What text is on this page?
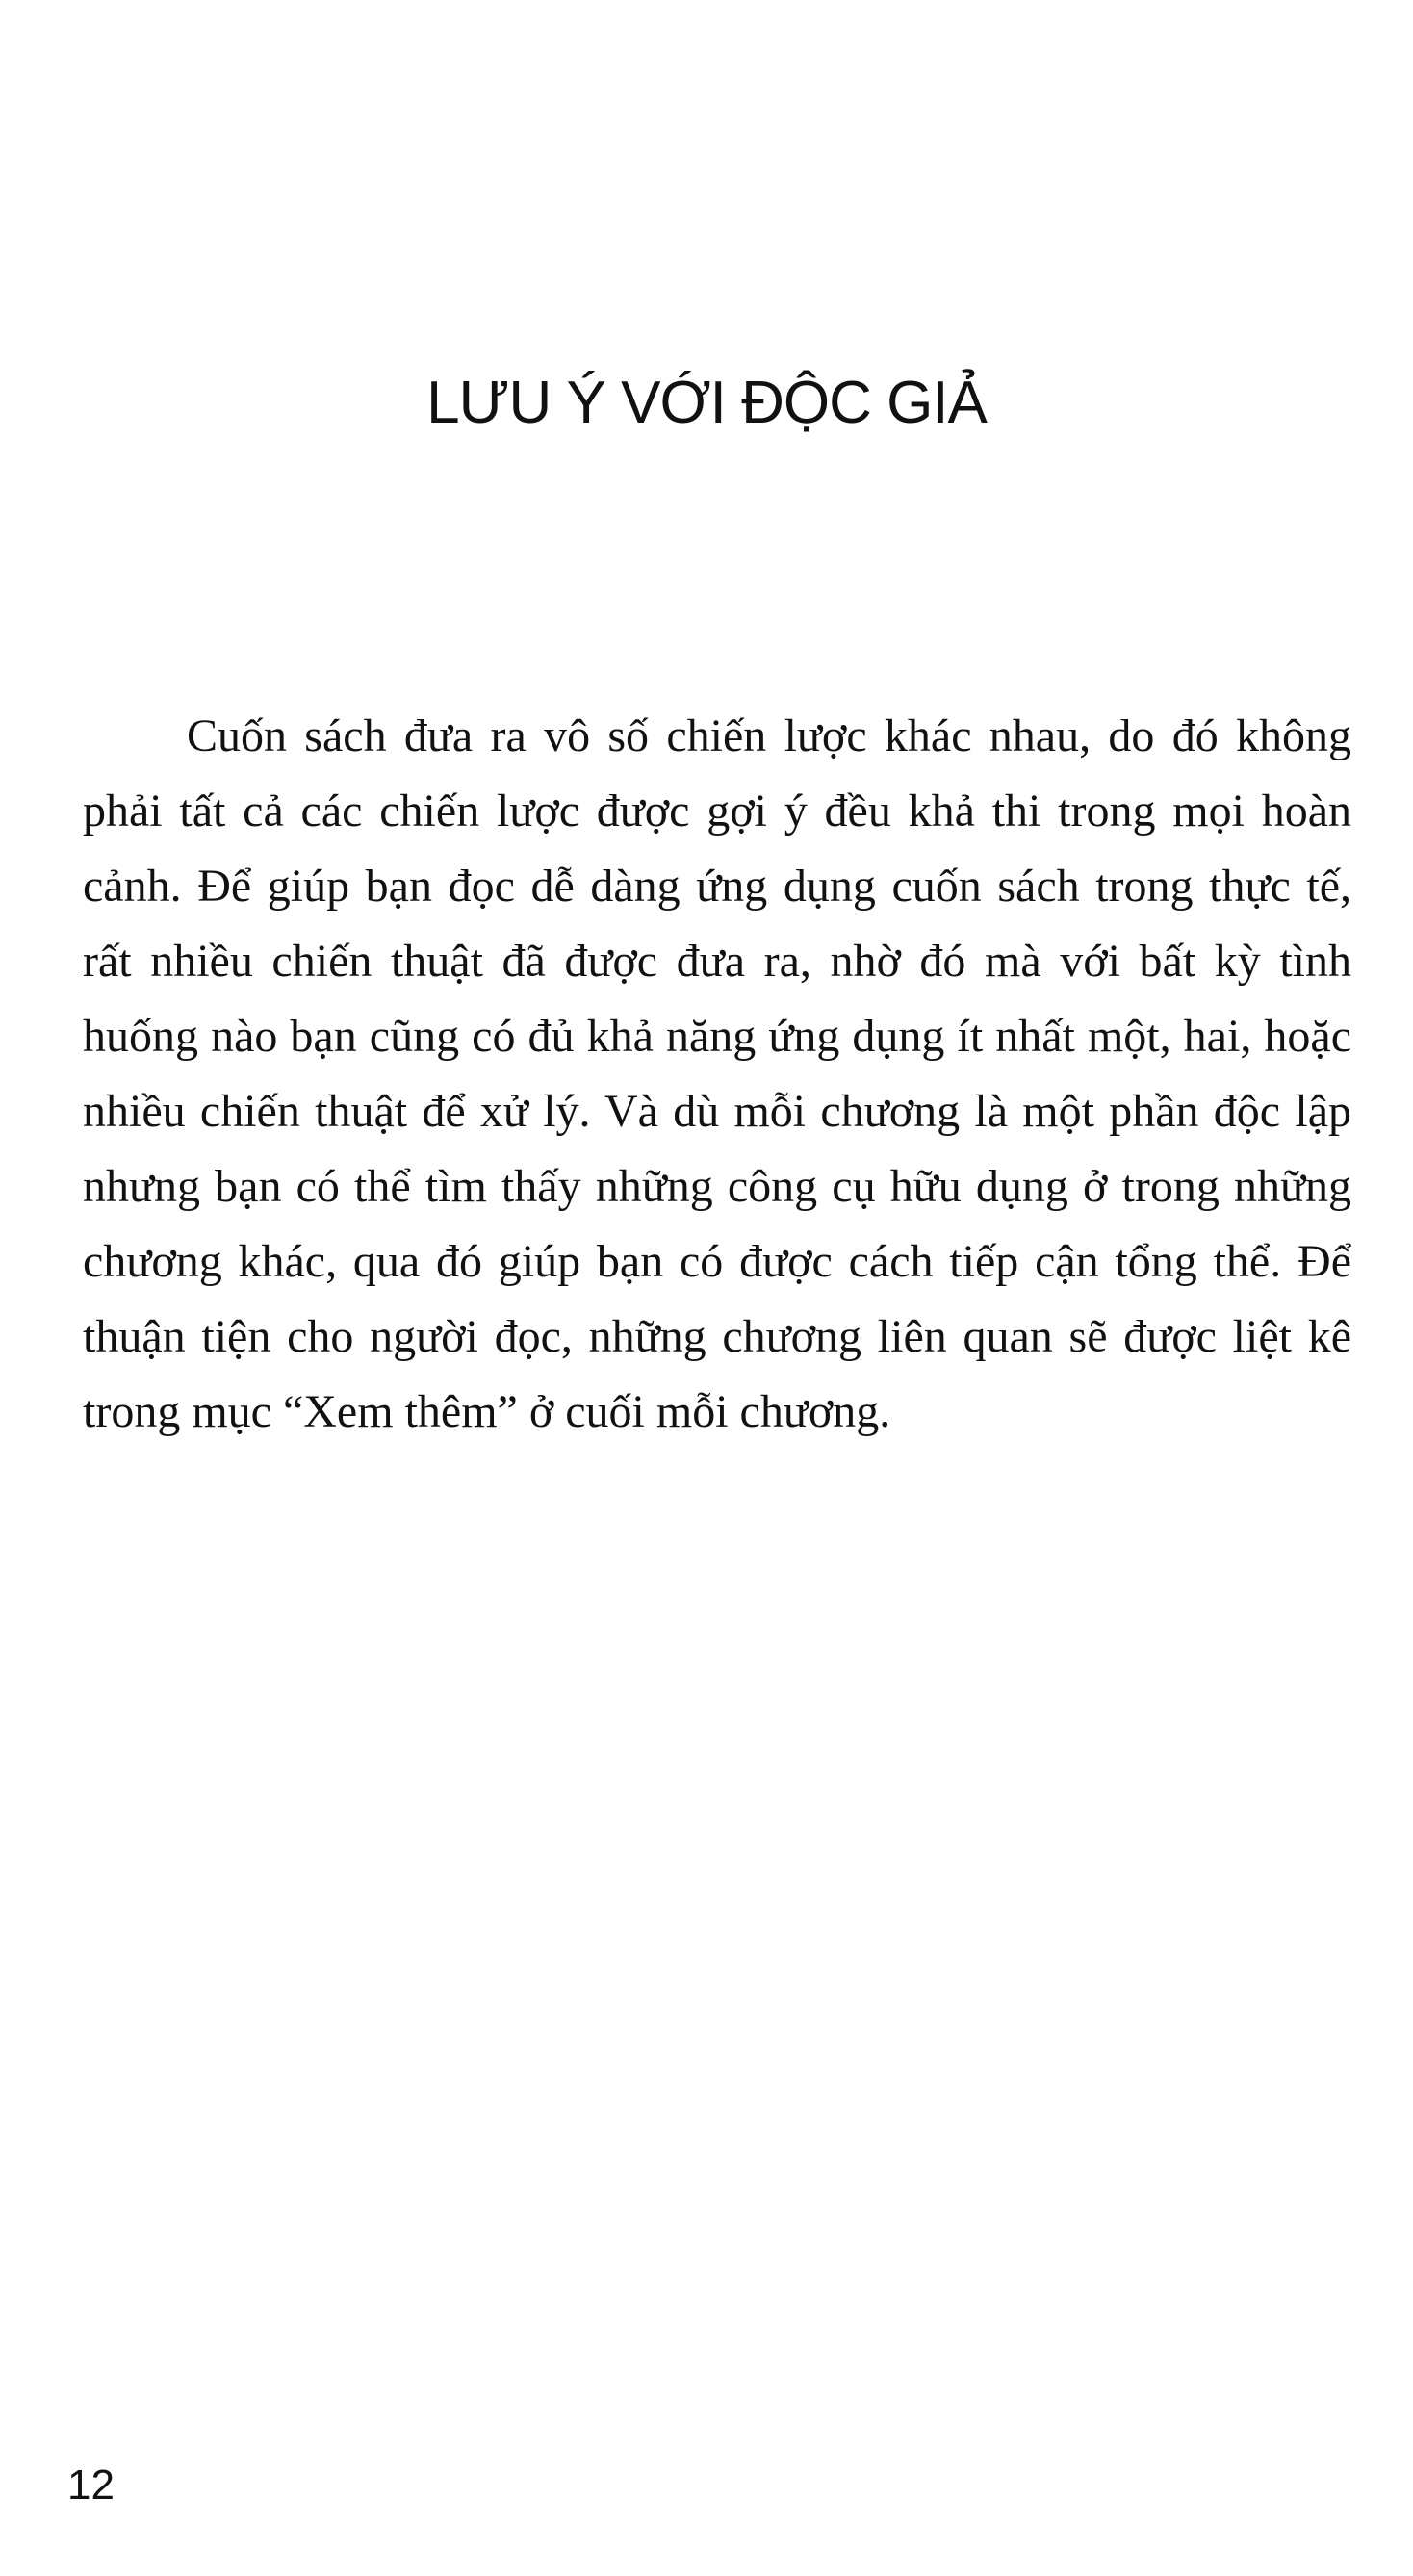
LƯU Ý VỚI ĐỘC GIẢ

Cuốn sách đưa ra vô số chiến lược khác nhau, do đó không phải tất cả các chiến lược được gợi ý đều khả thi trong mọi hoàn cảnh. Để giúp bạn đọc dễ dàng ứng dụng cuốn sách trong thực tế, rất nhiều chiến thuật đã được đưa ra, nhờ đó mà với bất kỳ tình huống nào bạn cũng có đủ khả năng ứng dụng ít nhất một, hai, hoặc nhiều chiến thuật để xử lý. Và dù mỗi chương là một phần độc lập nhưng bạn có thể tìm thấy những công cụ hữu dụng ở trong những chương khác, qua đó giúp bạn có được cách tiếp cận tổng thể. Để thuận tiện cho người đọc, những chương liên quan sẽ được liệt kê trong mục “Xem thêm” ở cuối mỗi chương.

12
